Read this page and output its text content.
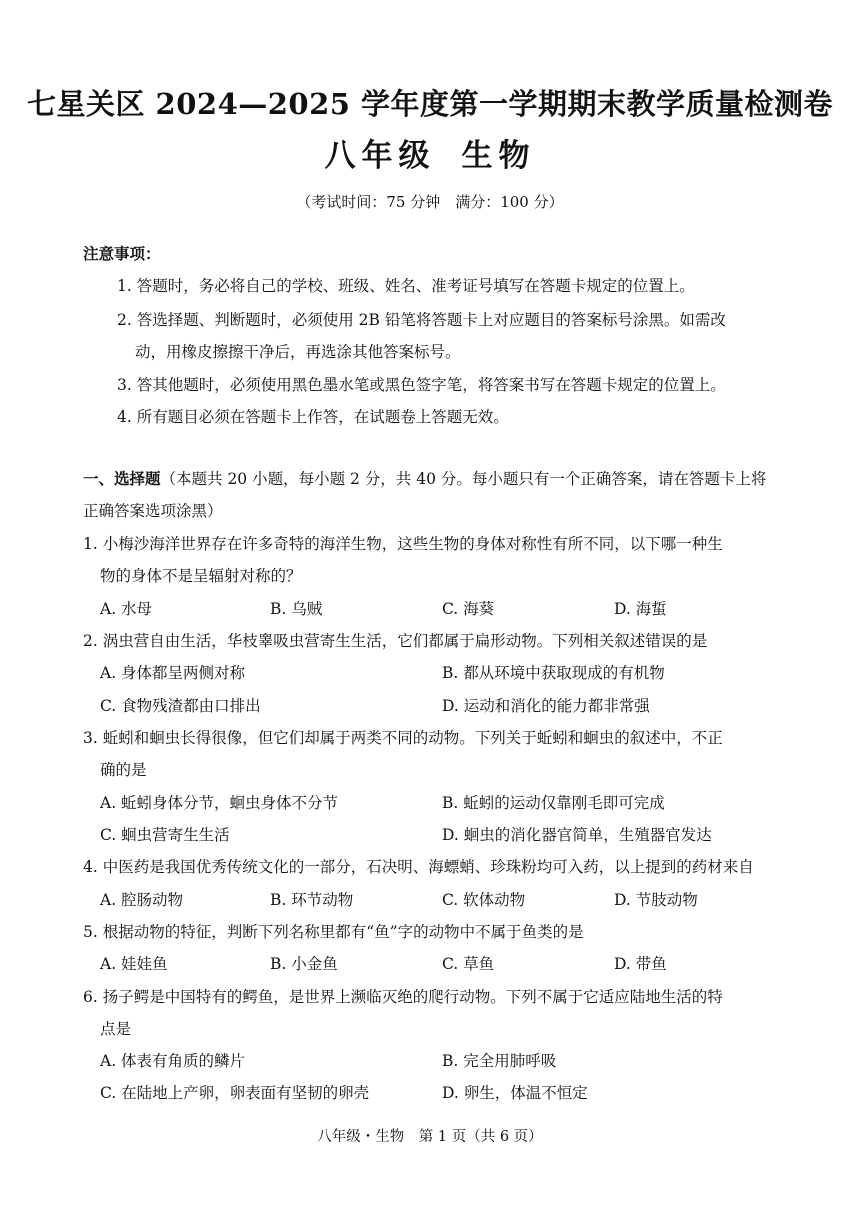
七星关区 2024—2025 学年度第一学期期末教学质量检测卷
八年级 生物
（考试时间：75 分钟　满分：100 分）
注意事项：
1. 答题时，务必将自己的学校、班级、姓名、准考证号填写在答题卡规定的位置上。
2. 答选择题、判断题时，必须使用 2B 铅笔将答题卡上对应题目的答案标号涂黑。如需改
动，用橡皮擦擦干净后，再选涂其他答案标号。
3. 答其他题时，必须使用黑色墨水笔或黑色签字笔，将答案书写在答题卡规定的位置上。
4. 所有题目必须在答题卡上作答，在试题卷上答题无效。
一、选择题（本题共 20 小题，每小题 2 分，共 40 分。每小题只有一个正确答案，请在答题卡上将
正确答案选项涂黑）
1. 小梅沙海洋世界存在许多奇特的海洋生物，这些生物的身体对称性有所不同，以下哪一种生
物的身体不是呈辐射对称的？
A. 水母	B. 乌贼	C. 海葵	D. 海蜇
2. 涡虫营自由生活，华枝睾吸虫营寄生生活，它们都属于扁形动物。下列相关叙述错误的是
A. 身体都呈两侧对称	B. 都从环境中获取现成的有机物
C. 食物残渣都由口排出	D. 运动和消化的能力都非常强
3. 蚯蚓和蛔虫长得很像，但它们却属于两类不同的动物。下列关于蚯蚓和蛔虫的叙述中，不正
确的是
A. 蚯蚓身体分节，蛔虫身体不分节	B. 蚯蚓的运动仅靠刚毛即可完成
C. 蛔虫营寄生生活	D. 蛔虫的消化器官简单，生殖器官发达
4. 中医药是我国优秀传统文化的一部分，石决明、海螵蛸、珍珠粉均可入药，以上提到的药材来自
A. 腔肠动物	B. 环节动物	C. 软体动物	D. 节肢动物
5. 根据动物的特征，判断下列名称里都有“鱼”字的动物中不属于鱼类的是
A. 娃娃鱼	B. 小金鱼	C. 草鱼	D. 带鱼
6. 扬子鳄是中国特有的鳄鱼，是世界上濒临灭绝的爬行动物。下列不属于它适应陆地生活的特
点是
A. 体表有角质的鳞片	B. 完全用肺呼吸
C. 在陆地上产卵，卵表面有坚韧的卵壳	D. 卵生，体温不恒定
八年级・生物　第 1 页（共 6 页）
